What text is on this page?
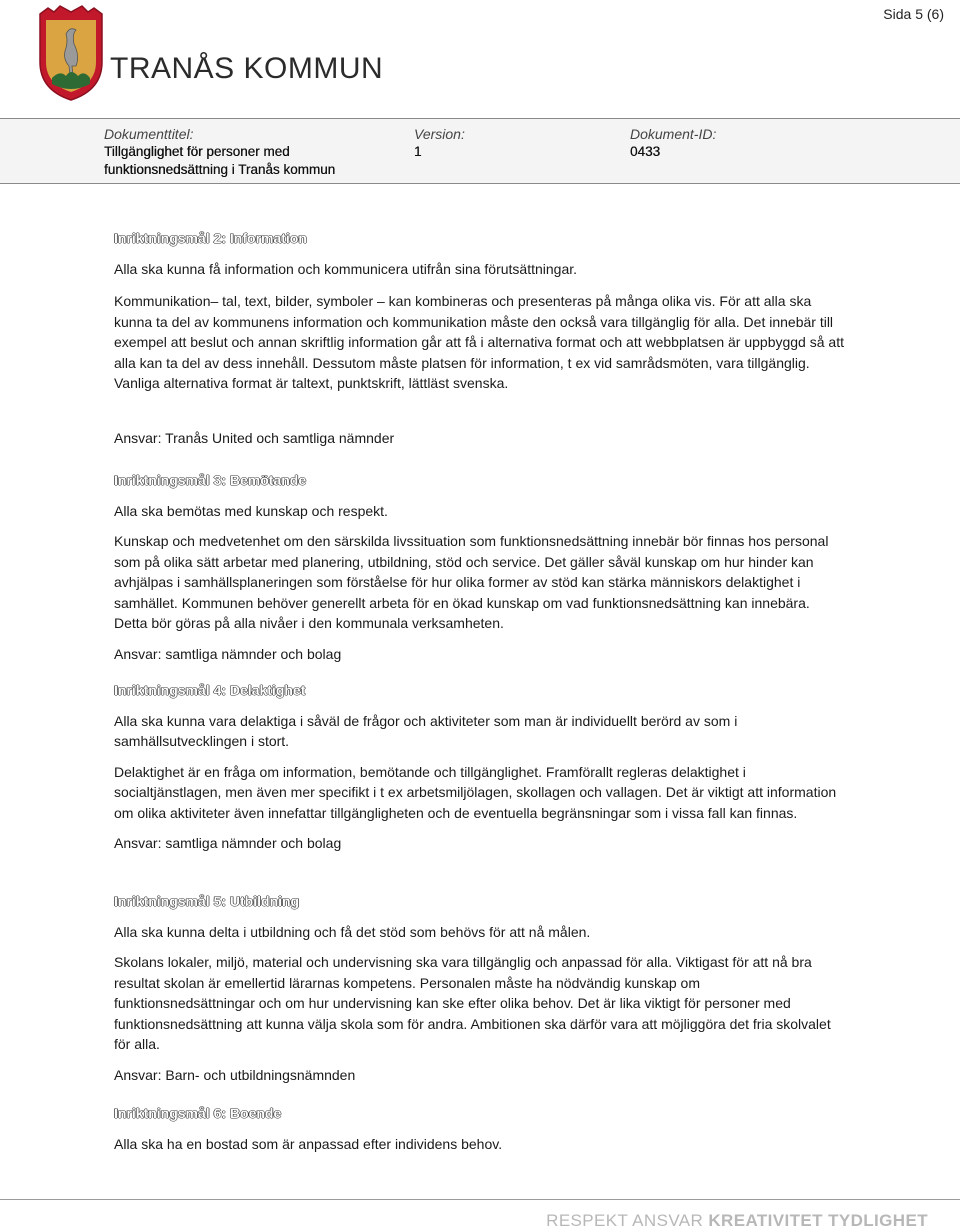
Sida 5 (6)
TRANÅS KOMMUN
Dokumenttitel:
Tillgänglighet för personer med funktionsnedsättning i Tranås kommun
Version:
1
Dokument-ID:
0433
Inriktningsmål 2: Information
Alla ska kunna få information och kommunicera utifrån sina förutsättningar.
Kommunikation– tal, text, bilder, symboler – kan kombineras och presenteras på många olika vis. För att alla ska kunna ta del av kommunens information och kommunikation måste den också vara tillgänglig för alla. Det innebär till exempel att beslut och annan skriftlig information går att få i alternativa format och att webbplatsen är uppbyggd så att alla kan ta del av dess innehåll. Dessutom måste platsen för information, t ex vid samrådsmöten, vara tillgänglig. Vanliga alternativa format är taltext, punktskrift, lättläst svenska.
Ansvar: Tranås United och samtliga nämnder
Inriktningsmål 3: Bemötande
Alla ska bemötas med kunskap och respekt.
Kunskap och medvetenhet om den särskilda livssituation som funktionsnedsättning innebär bör finnas hos personal som på olika sätt arbetar med planering, utbildning, stöd och service. Det gäller såväl kunskap om hur hinder kan avhjälpas i samhällsplaneringen som förståelse för hur olika former av stöd kan stärka människors delaktighet i samhället. Kommunen behöver generellt arbeta för en ökad kunskap om vad funktionsnedsättning kan innebära. Detta bör göras på alla nivåer i den kommunala verksamheten.
Ansvar: samtliga nämnder och bolag
Inriktningsmål 4: Delaktighet
Alla ska kunna vara delaktiga i såväl de frågor och aktiviteter som man är individuellt berörd av som i samhällsutvecklingen i stort.
Delaktighet är en fråga om information, bemötande och tillgänglighet. Framförallt regleras delaktighet i socialtjänstlagen, men även mer specifikt i t ex arbetsmiljölagen, skollagen och vallagen. Det är viktigt att information om olika aktiviteter även innefattar tillgängligheten och de eventuella begränsningar som i vissa fall kan finnas.
Ansvar: samtliga nämnder och bolag
Inriktningsmål 5: Utbildning
Alla ska kunna delta i utbildning och få det stöd som behövs för att nå målen.
Skolans lokaler, miljö, material och undervisning ska vara tillgänglig och anpassad för alla. Viktigast för att nå bra resultat skolan är emellertid lärarnas kompetens. Personalen måste ha nödvändig kunskap om funktionsnedsättningar och om hur undervisning kan ske efter olika behov. Det är lika viktigt för personer med funktionsnedsättning att kunna välja skola som för andra. Ambitionen ska därför vara att möjliggöra det fria skolvalet för alla.
Ansvar: Barn- och utbildningsnämnden
Inriktningsmål 6: Boende
Alla ska ha en bostad som är anpassad efter individens behov.
RESPEKT ANSVAR KREATIVITET TYDLIGHET
